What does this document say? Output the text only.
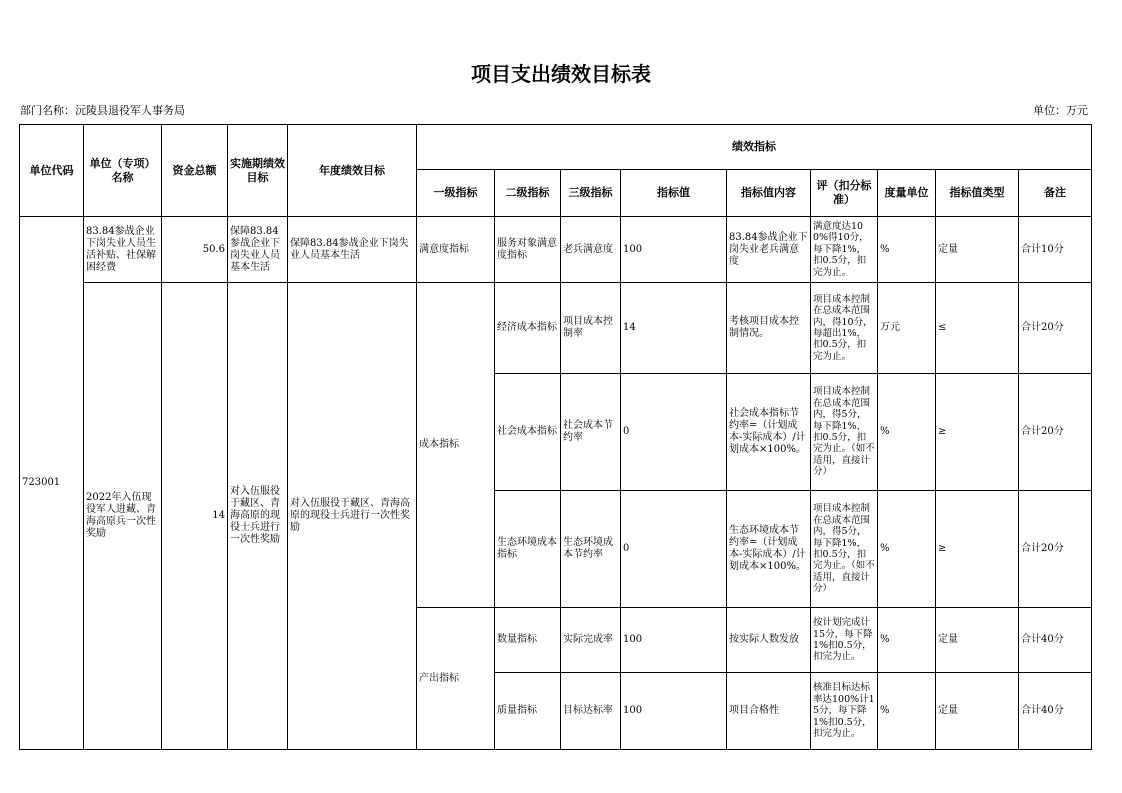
项目支出绩效目标表
部门名称：沅陵县退役军人事务局	单位：万元
单位代码	单位（专项）名称	资金总额	实施期绩效目标	年度绩效目标	绩效指标								
					一级指标	二级指标	三级指标	指标值	指标值内容	评（扣分标准）	度量单位	指标值类型	备注
723001	83.84参战企业下岗失业人员生活补贴、社保解困经费	50.6	保障83.84参战企业下岗失业人员基本生活	保障83.84参战企业下岗失业人员基本生活	满意度指标	服务对象满意度指标	老兵满意度	100	83.84参战企业下岗失业老兵满意度	满意度达100%得10分，每下降1%，扣0.5分，扣完为止。	%	定量	合计10分
	2022年入伍现役军人进藏、青海高原兵一次性奖励	14	对入伍服役于藏区、青海高原的现役士兵进行一次性奖励	对入伍服役于藏区、青海高原的现役士兵进行一次性奖励	成本指标	经济成本指标	项目成本控制率	14	考核项目成本控制情况。	项目成本控制在总成本范围内，得10分，每超出1%，扣0.5分，扣完为止。	万元	≤	合计20分
						社会成本指标	社会成本节约率	0	社会成本指标节约率=（计划成本-实际成本）/计划成本×100%。	项目成本控制在总成本范围内，得5分，每下降1%，扣0.5分，扣完为止。（如不适用，直接计分）	%	≥	合计20分
						生态环境成本指标	生态环境成本节约率	0	生态环境成本节约率=（计划成本-实际成本）/计划成本×100%。	项目成本控制在总成本范围内，得5分，每下降1%，扣0.5分，扣完为止。（如不适用，直接计分）	%	≥	合计20分
					产出指标	数量指标	实际完成率	100	按实际人数发放	按计划完成计15分，每下降1%扣0.5分，扣完为止。	%	定量	合计40分
						质量指标	目标达标率	100	项目合格性	核准目标达标率达100%计15分，每下降1%扣0.5分，扣完为止。	%	定量	合计40分
